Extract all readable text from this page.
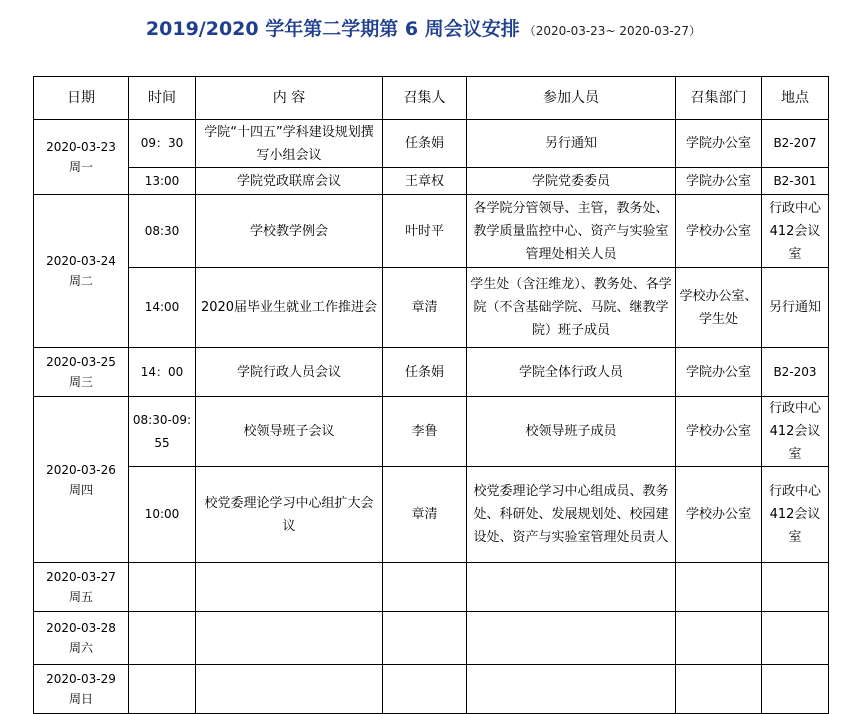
2019/2020 学年第二学期第 6 周会议安排 （2020-03-23~ 2020-03-27）
日期	时间	内 容	召集人	参加人员	召集部门	地点

2020-03-23
周一	09：30	学院“十四五”学科建设规划撰写小组会议	任条娟	另行通知	学院办公室	B2-207
	13:00	学院党政联席会议	王章权	学院党委委员	学院办公室	B2-301

2020-03-24
周二	08:30	学校教学例会	叶时平	各学院分管领导、主管，教务处、教学质量监控中心、资产与实验室管理处相关人员	学校办公室	行政中心412会议室
	14:00	2020届毕业生就业工作推进会	章清	学生处（含汪维龙）、教务处、各学院（不含基础学院、马院、继教学院）班子成员	学校办公室、学生处	另行通知

2020-03-25
周三	14：00	学院行政人员会议	任条娟	学院全体行政人员	学院办公室	B2-203

2020-03-26
周四	08:30-09:55	校领导班子会议	李鲁	校领导班子成员	学校办公室	行政中心412会议室
	10:00	校党委理论学习中心组扩大会议	章清	校党委理论学习中心组成员、教务处、科研处、发展规划处、校园建设处、资产与实验室管理处员责人	学校办公室	行政中心412会议室

2020-03-27
周五						

2020-03-28
周六						

2020-03-29
周日						
